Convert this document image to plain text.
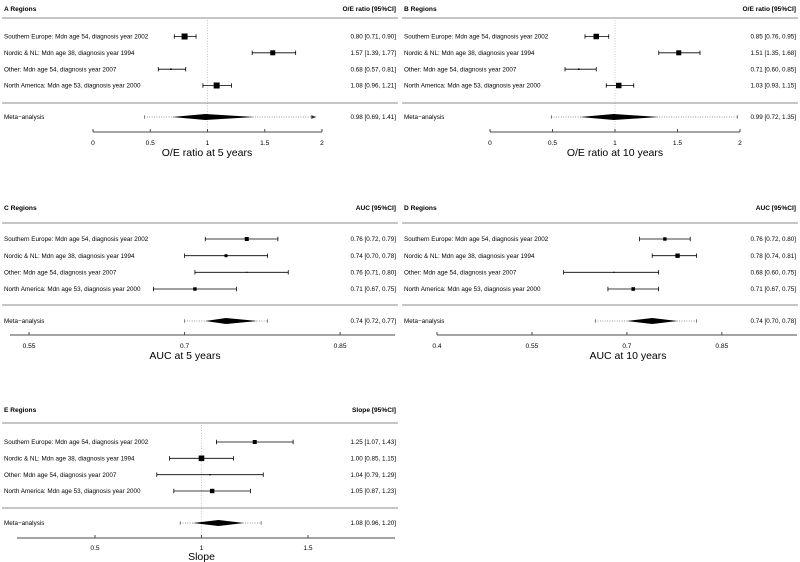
A Regions	O/E ratio [95%CI]
Southern Europe: Mdn age 54, diagnosis year 2002	0.80 [0.71, 0.90]
Nordic & NL: Mdn age 38, diagnosis year 1994	1.57 [1.39, 1.77]
Other: Mdn age 54, diagnosis year 2007	0.68 [0.57, 0.81]
North America: Mdn age 53, diagnosis year 2000	1.08 [0.96, 1.21]
Meta−analysis	0.98 [0.69, 1.41]
0	0.5	1	1.5	2
O/E ratio at 5 years
B Regions	O/E ratio [95%CI]
Southern Europe: Mdn age 54, diagnosis year 2002	0.85 [0.76, 0.95]
Nordic & NL: Mdn age 38, diagnosis year 1994	1.51 [1.35, 1.68]
Other: Mdn age 54, diagnosis year 2007	0.71 [0.60, 0.85]
North America: Mdn age 53, diagnosis year 2000	1.03 [0.93, 1.15]
Meta−analysis	0.99 [0.72, 1.35]
0	0.5	1	1.5	2
O/E ratio at 10 years
C Regions	AUC [95%CI]
Southern Europe: Mdn age 54, diagnosis year 2002	0.76 [0.72, 0.79]
Nordic & NL: Mdn age 38, diagnosis year 1994	0.74 [0.70, 0.78]
Other: Mdn age 54, diagnosis year 2007	0.76 [0.71, 0.80]
North America: Mdn age 53, diagnosis year 2000	0.71 [0.67, 0.75]
Meta−analysis	0.74 [0.72, 0.77]
0.55	0.7	0.85
AUC at 5 years
D Regions	AUC [95%CI]
Southern Europe: Mdn age 54, diagnosis year 2002	0.76 [0.72, 0.80]
Nordic & NL: Mdn age 38, diagnosis year 1994	0.78 [0.74, 0.81]
Other: Mdn age 54, diagnosis year 2007	0.68 [0.60, 0.75]
North America: Mdn age 53, diagnosis year 2000	0.71 [0.67, 0.75]
Meta−analysis	0.74 [0.70, 0.78]
0.4	0.55	0.7	0.85
AUC at 10 years
E Regions	Slope [95%CI]
Southern Europe: Mdn age 54, diagnosis year 2002	1.25 [1.07, 1.43]
Nordic & NL: Mdn age 38, diagnosis year 1994	1.00 [0.85, 1.15]
Other: Mdn age 54, diagnosis year 2007	1.04 [0.79, 1.29]
North America: Mdn age 53, diagnosis year 2000	1.05 [0.87, 1.23]
Meta−analysis	1.08 [0.96, 1.20]
0.5	1	1.5
Slope
